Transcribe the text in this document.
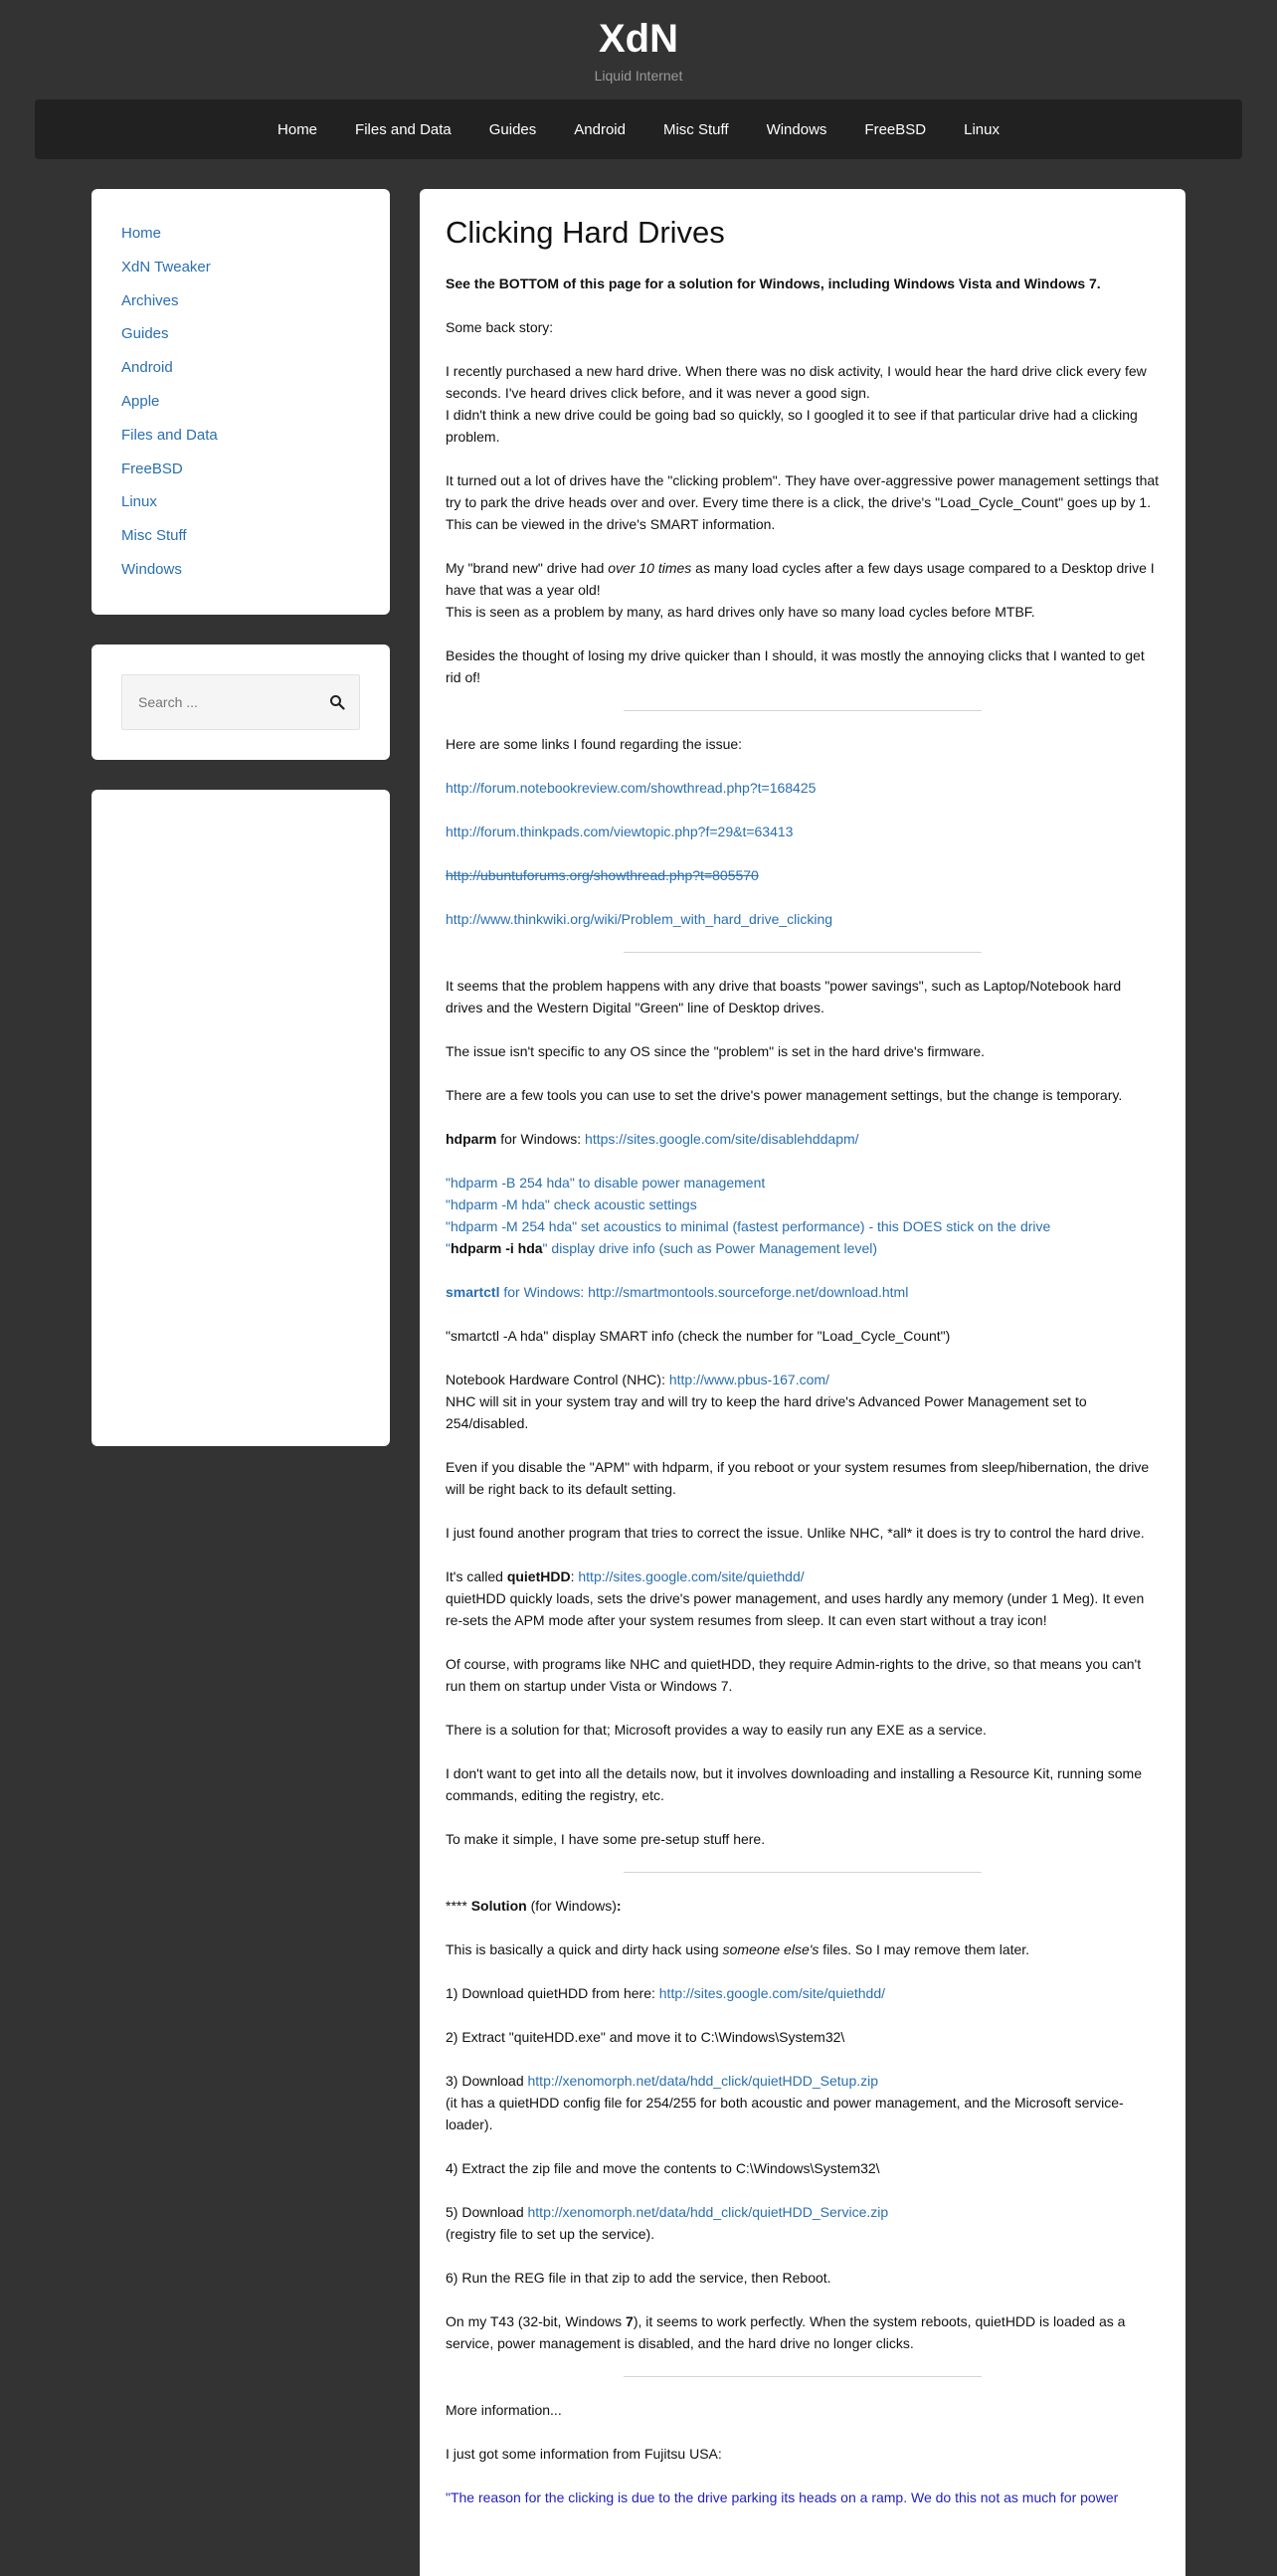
XdN
Liquid Internet
Home	Files and Data	Guides	Android	Misc Stuff	Windows	FreeBSD	Linux
Home
XdN Tweaker
Archives
Guides
Android
Apple
Files and Data
FreeBSD
Linux
Misc Stuff
Windows
Search ...
Clicking Hard Drives

See the BOTTOM of this page for a solution for Windows, including Windows Vista and Windows 7.

Some back story:

I recently purchased a new hard drive. When there was no disk activity, I would hear the hard drive click every few seconds. I've heard drives click before, and it was never a good sign.
I didn't think a new drive could be going bad so quickly, so I googled it to see if that particular drive had a clicking problem.

It turned out a lot of drives have the "clicking problem". They have over-aggressive power management settings that try to park the drive heads over and over. Every time there is a click, the drive's "Load_Cycle_Count" goes up by 1. This can be viewed in the drive's SMART information.

My "brand new" drive had over 10 times as many load cycles after a few days usage compared to a Desktop drive I have that was a year old!
This is seen as a problem by many, as hard drives only have so many load cycles before MTBF.

Besides the thought of losing my drive quicker than I should, it was mostly the annoying clicks that I wanted to get rid of!

Here are some links I found regarding the issue:

http://forum.notebookreview.com/showthread.php?t=168425

http://forum.thinkpads.com/viewtopic.php?f=29&t=63413

http://ubuntuforums.org/showthread.php?t=805570

http://www.thinkwiki.org/wiki/Problem_with_hard_drive_clicking

It seems that the problem happens with any drive that boasts "power savings", such as Laptop/Notebook hard drives and the Western Digital "Green" line of Desktop drives.

The issue isn't specific to any OS since the "problem" is set in the hard drive's firmware.

There are a few tools you can use to set the drive's power management settings, but the change is temporary.

hdparm for Windows: https://sites.google.com/site/disablehddapm/

"hdparm -B 254 hda" to disable power management
"hdparm -M hda" check acoustic settings
"hdparm -M 254 hda" set acoustics to minimal (fastest performance) - this DOES stick on the drive
"hdparm -i hda" display drive info (such as Power Management level)

smartctl for Windows: http://smartmontools.sourceforge.net/download.html

"smartctl -A hda" display SMART info (check the number for "Load_Cycle_Count")

Notebook Hardware Control (NHC): http://www.pbus-167.com/
NHC will sit in your system tray and will try to keep the hard drive's Advanced Power Management set to 254/disabled.

Even if you disable the "APM" with hdparm, if you reboot or your system resumes from sleep/hibernation, the drive will be right back to its default setting.

I just found another program that tries to correct the issue. Unlike NHC, *all* it does is try to control the hard drive.

It's called quietHDD: http://sites.google.com/site/quiethdd/
quietHDD quickly loads, sets the drive's power management, and uses hardly any memory (under 1 Meg). It even re-sets the APM mode after your system resumes from sleep. It can even start without a tray icon!

Of course, with programs like NHC and quietHDD, they require Admin-rights to the drive, so that means you can't run them on startup under Vista or Windows 7.

There is a solution for that; Microsoft provides a way to easily run any EXE as a service.

I don't want to get into all the details now, but it involves downloading and installing a Resource Kit, running some commands, editing the registry, etc.

To make it simple, I have some pre-setup stuff here.

**** Solution (for Windows):

This is basically a quick and dirty hack using someone else's files. So I may remove them later.

1) Download quietHDD from here: http://sites.google.com/site/quiethdd/

2) Extract "quiteHDD.exe" and move it to C:\Windows\System32\

3) Download http://xenomorph.net/data/hdd_click/quietHDD_Setup.zip
(it has a quietHDD config file for 254/255 for both acoustic and power management, and the Microsoft service-loader).

4) Extract the zip file and move the contents to C:\Windows\System32\

5) Download http://xenomorph.net/data/hdd_click/quietHDD_Service.zip
(registry file to set up the service).

6) Run the REG file in that zip to add the service, then Reboot.

On my T43 (32-bit, Windows 7), it seems to work perfectly. When the system reboots, quietHDD is loaded as a service, power management is disabled, and the hard drive no longer clicks.

More information...

I just got some information from Fujitsu USA:

"The reason for the clicking is due to the drive parking its heads on a ramp. We do this not as much for power
